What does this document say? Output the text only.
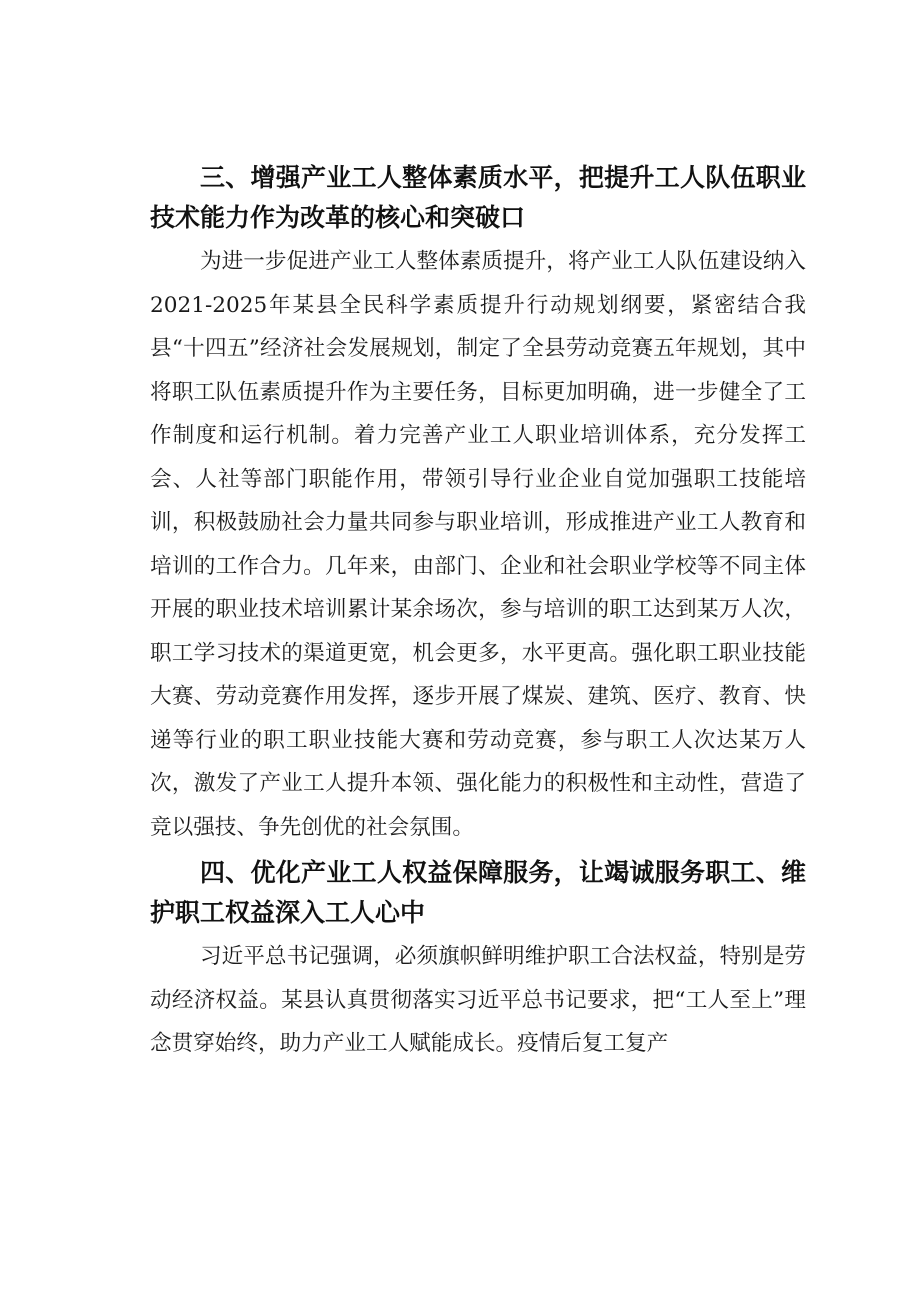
三、增强产业工人整体素质水平，把提升工人队伍职业技术能力作为改革的核心和突破口

为进一步促进产业工人整体素质提升，将产业工人队伍建设纳入2021-2025年某县全民科学素质提升行动规划纲要，紧密结合我县“十四五”经济社会发展规划，制定了全县劳动竞赛五年规划，其中将职工队伍素质提升作为主要任务，目标更加明确，进一步健全了工作制度和运行机制。着力完善产业工人职业培训体系，充分发挥工会、人社等部门职能作用，带领引导行业企业自觉加强职工技能培训，积极鼓励社会力量共同参与职业培训，形成推进产业工人教育和培训的工作合力。几年来，由部门、企业和社会职业学校等不同主体开展的职业技术培训累计某余场次，参与培训的职工达到某万人次，职工学习技术的渠道更宽，机会更多，水平更高。强化职工职业技能大赛、劳动竞赛作用发挥，逐步开展了煤炭、建筑、医疗、教育、快递等行业的职工职业技能大赛和劳动竞赛，参与职工人次达某万人次，激发了产业工人提升本领、强化能力的积极性和主动性，营造了竞以强技、争先创优的社会氛围。

四、优化产业工人权益保障服务，让竭诚服务职工、维护职工权益深入工人心中

习近平总书记强调，必须旗帜鲜明维护职工合法权益，特别是劳动经济权益。某县认真贯彻落实习近平总书记要求，把“工人至上”理念贯穿始终，助力产业工人赋能成长。疫情后复工复产
